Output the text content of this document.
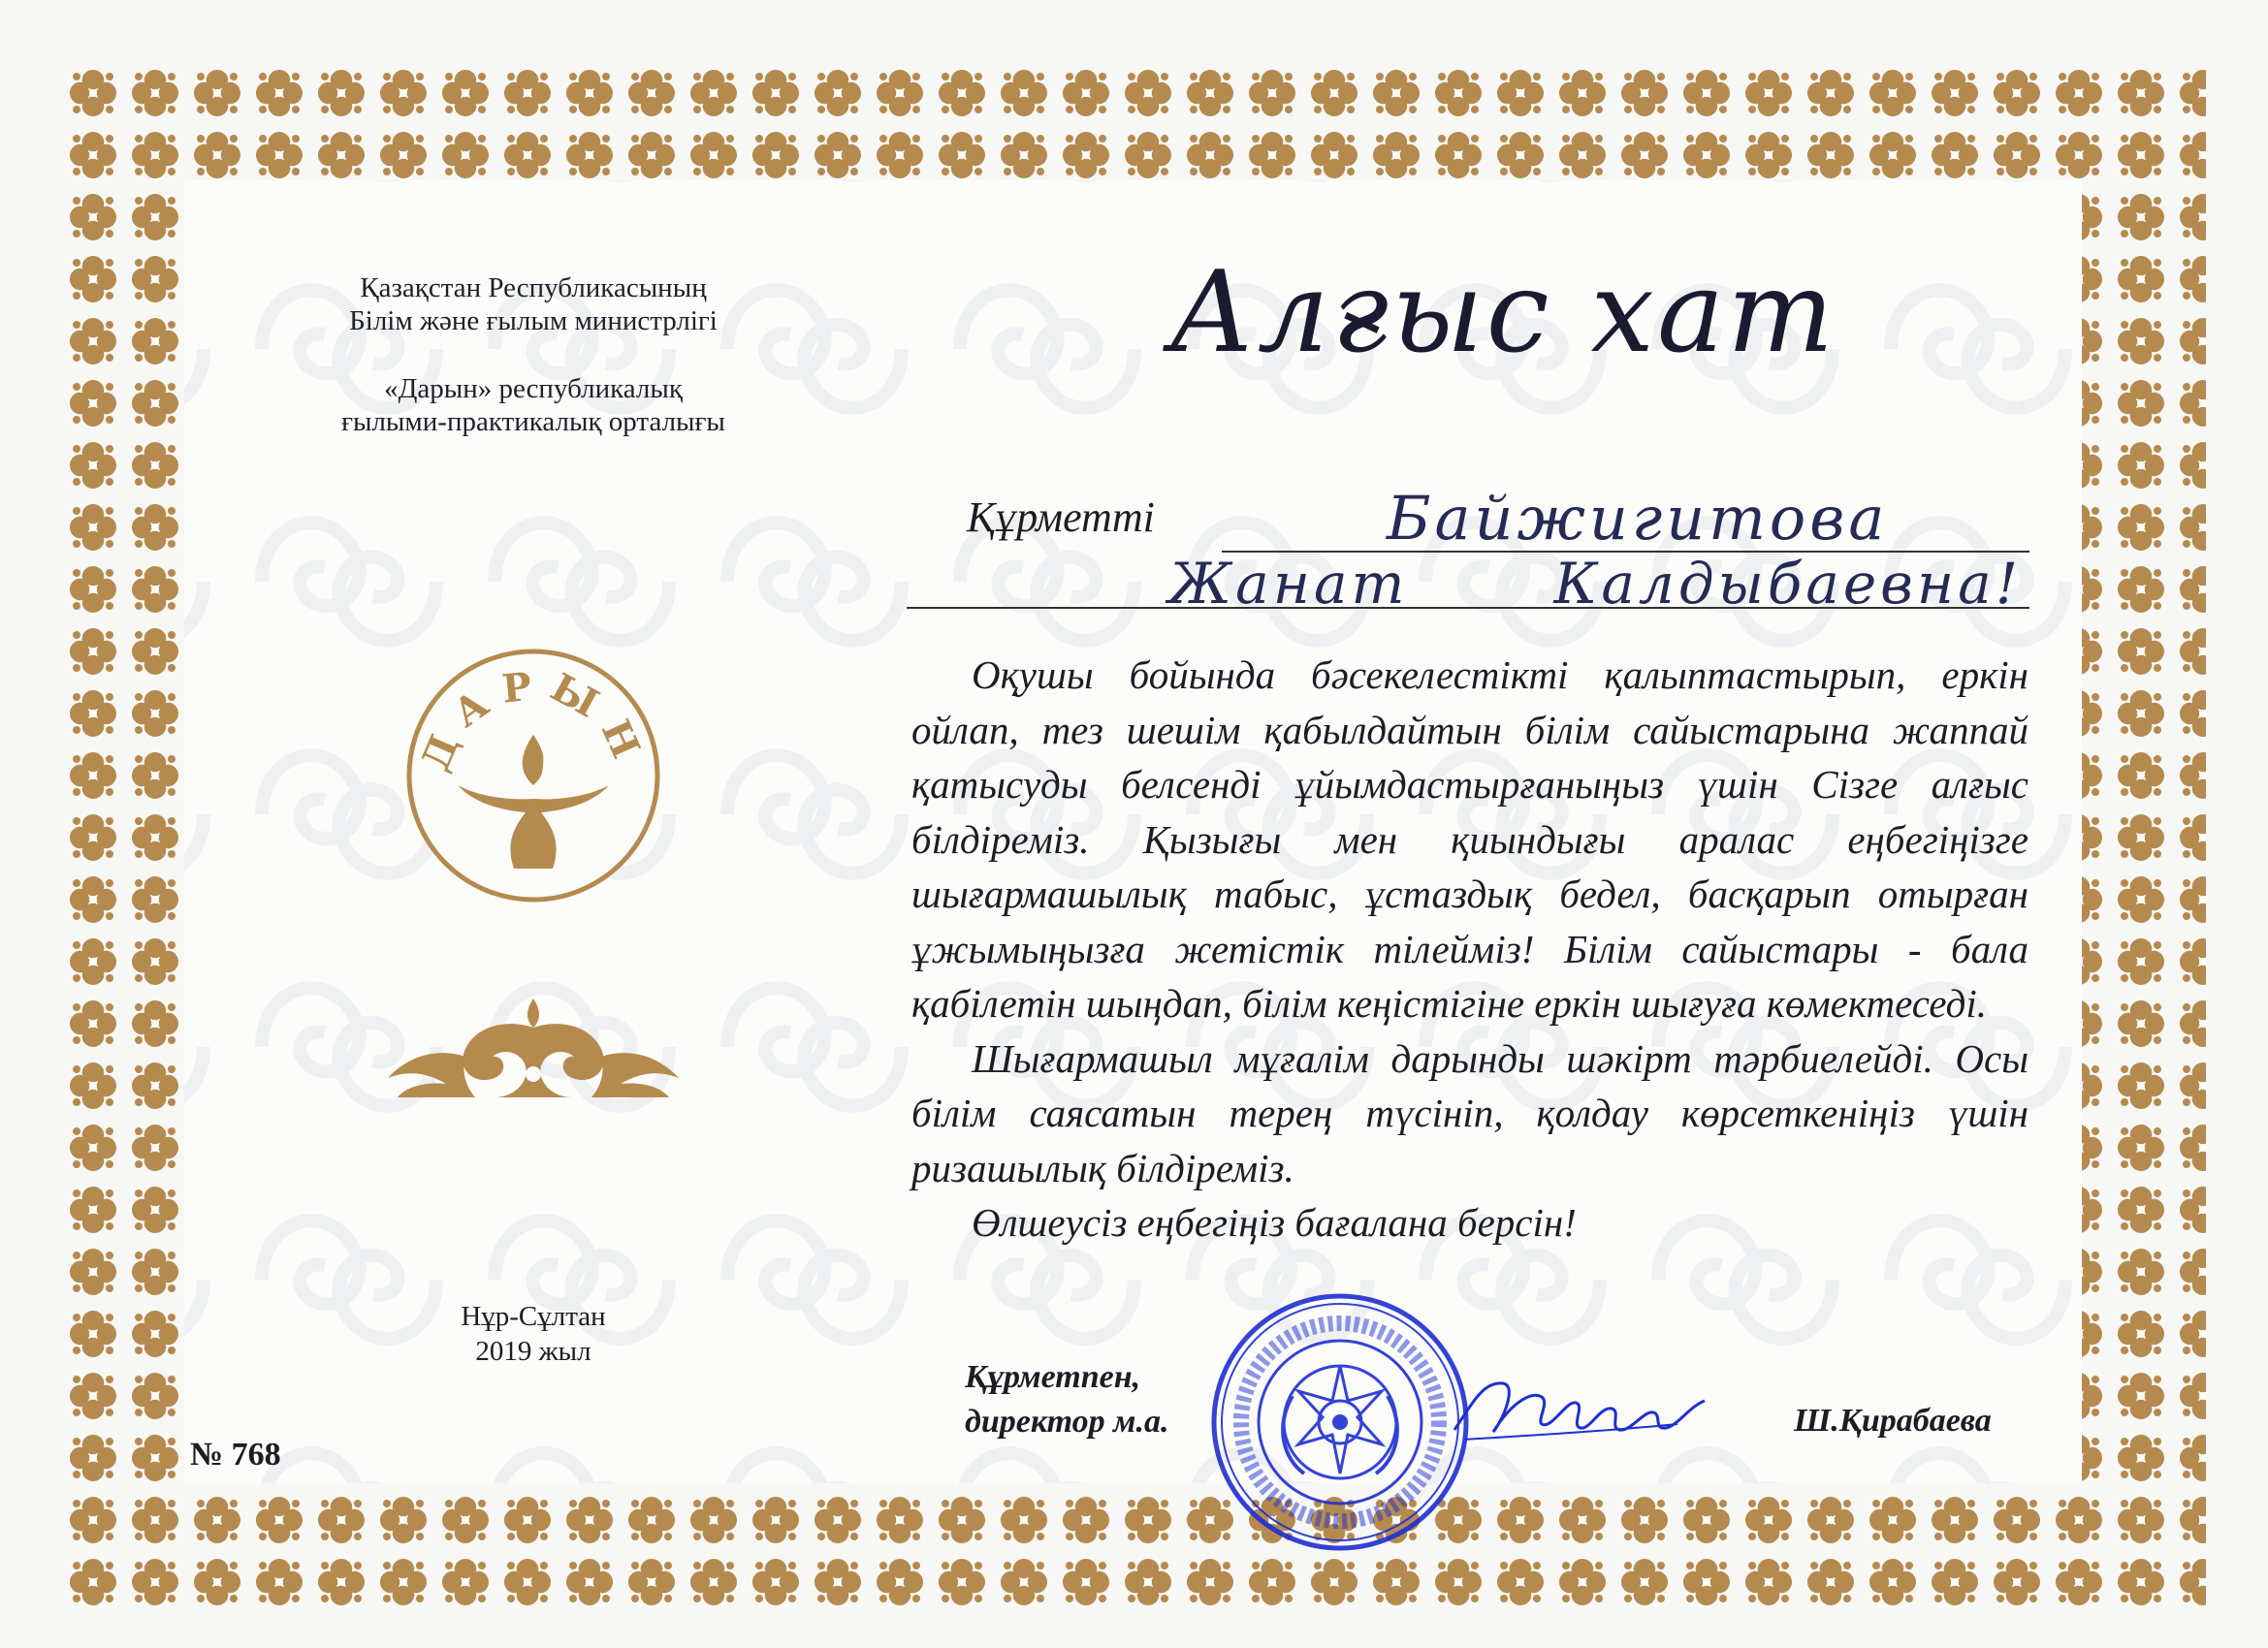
Қазақстан Республикасының
Білім және ғылым министрлігі
«Дарын» республикалық
ғылыми-практикалық орталығы
ДАРЫН
Нұр-Сұлтан
2019 жыл
№ 768
Алғыс хат
Құрметті	Байжигитова
Жанат	Калдыбаевна!

Оқушы бойында бәсекелестікті қалыптастырып, еркін ойлап, тез шешім қабылдайтын білім сайыстарына жаппай қатысуды белсенді ұйымдастырғаныңыз үшін Сізге алғыс білдіреміз. Қызығы мен қиындығы аралас еңбегіңізге шығармашылық табыс, ұстаздық бедел, басқарып отырған ұжымыңызға жетістік тілейміз! Білім сайыстары - бала қабілетін шыңдап, білім кеңістігіне еркін шығуға көмектеседі.

Шығармашыл мұғалім дарынды шәкірт тәрбиелейді. Осы білім саясатын терең түсініп, қолдау көрсеткеніңіз үшін ризашылық білдіреміз.

Өлшеусіз еңбегіңіз бағалана берсін!

Құрметпен,
директор м.а.	Ш.Қирабаева
